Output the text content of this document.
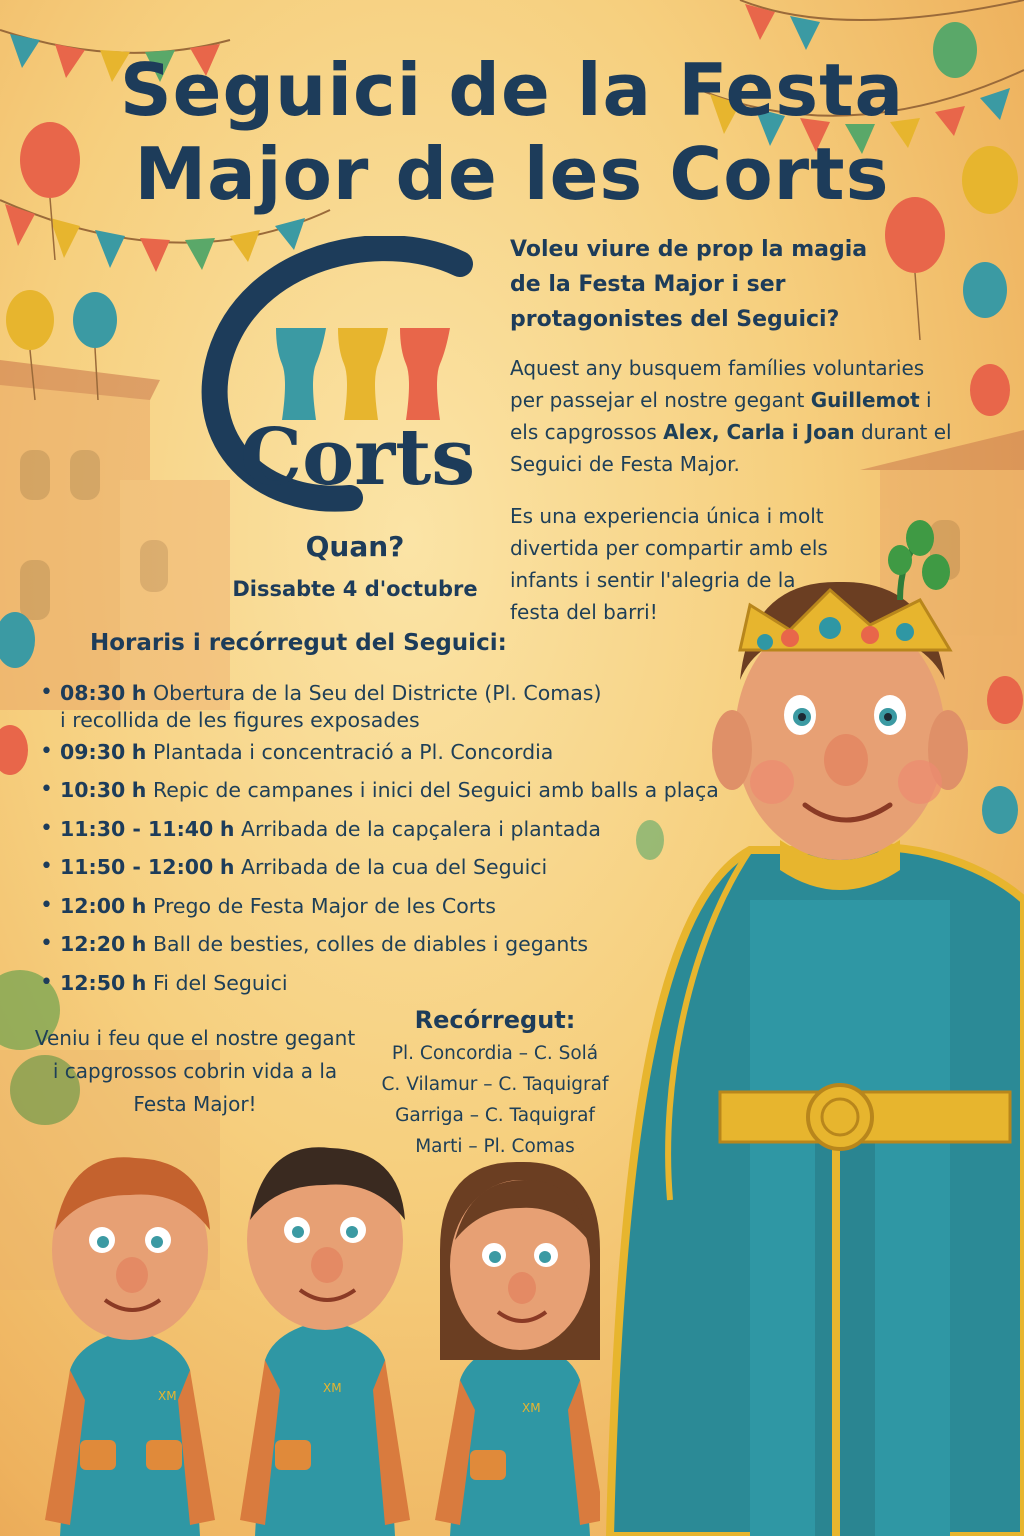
Seguici de la Festa
Major de les Corts
Corts
Voleu viure de prop la magia de la Festa Major i ser protagonistes del Seguici?
Aquest any busquem famílies voluntaries per passejar el nostre gegant Guillemot i els capgrossos Alex, Carla i Joan durant el Seguici de Festa Major.
Es una experiencia única i molt divertida per compartir amb els infants i sentir l'alegria de la festa del barri!
Quan?
Dissabte 4 d'octubre
Horaris i recórregut del Seguici:
• 08:30 h Obertura de la Seu del Districte (Pl. Comas)
i recollida de les figures exposades
• 09:30 h Plantada i concentració a Pl. Concordia
• 10:30 h Repic de campanes i inici del Seguici amb balls a plaça
• 11:30 - 11:40 h Arribada de la capçalera i plantada
• 11:50 - 12:00 h Arribada de la cua del Seguici
• 12:00 h Prego de Festa Major de les Corts
• 12:20 h Ball de besties, colles de diables i gegants
• 12:50 h Fi del Seguici
Veniu i feu que el nostre gegant i capgrossos cobrin vida a la Festa Major!
Recórregut:
Pl. Concordia – C. Solá
C. Vilamur – C. Taquigraf
Garriga – C. Taquigraf
Marti – Pl. Comas
XM
XM
XM
